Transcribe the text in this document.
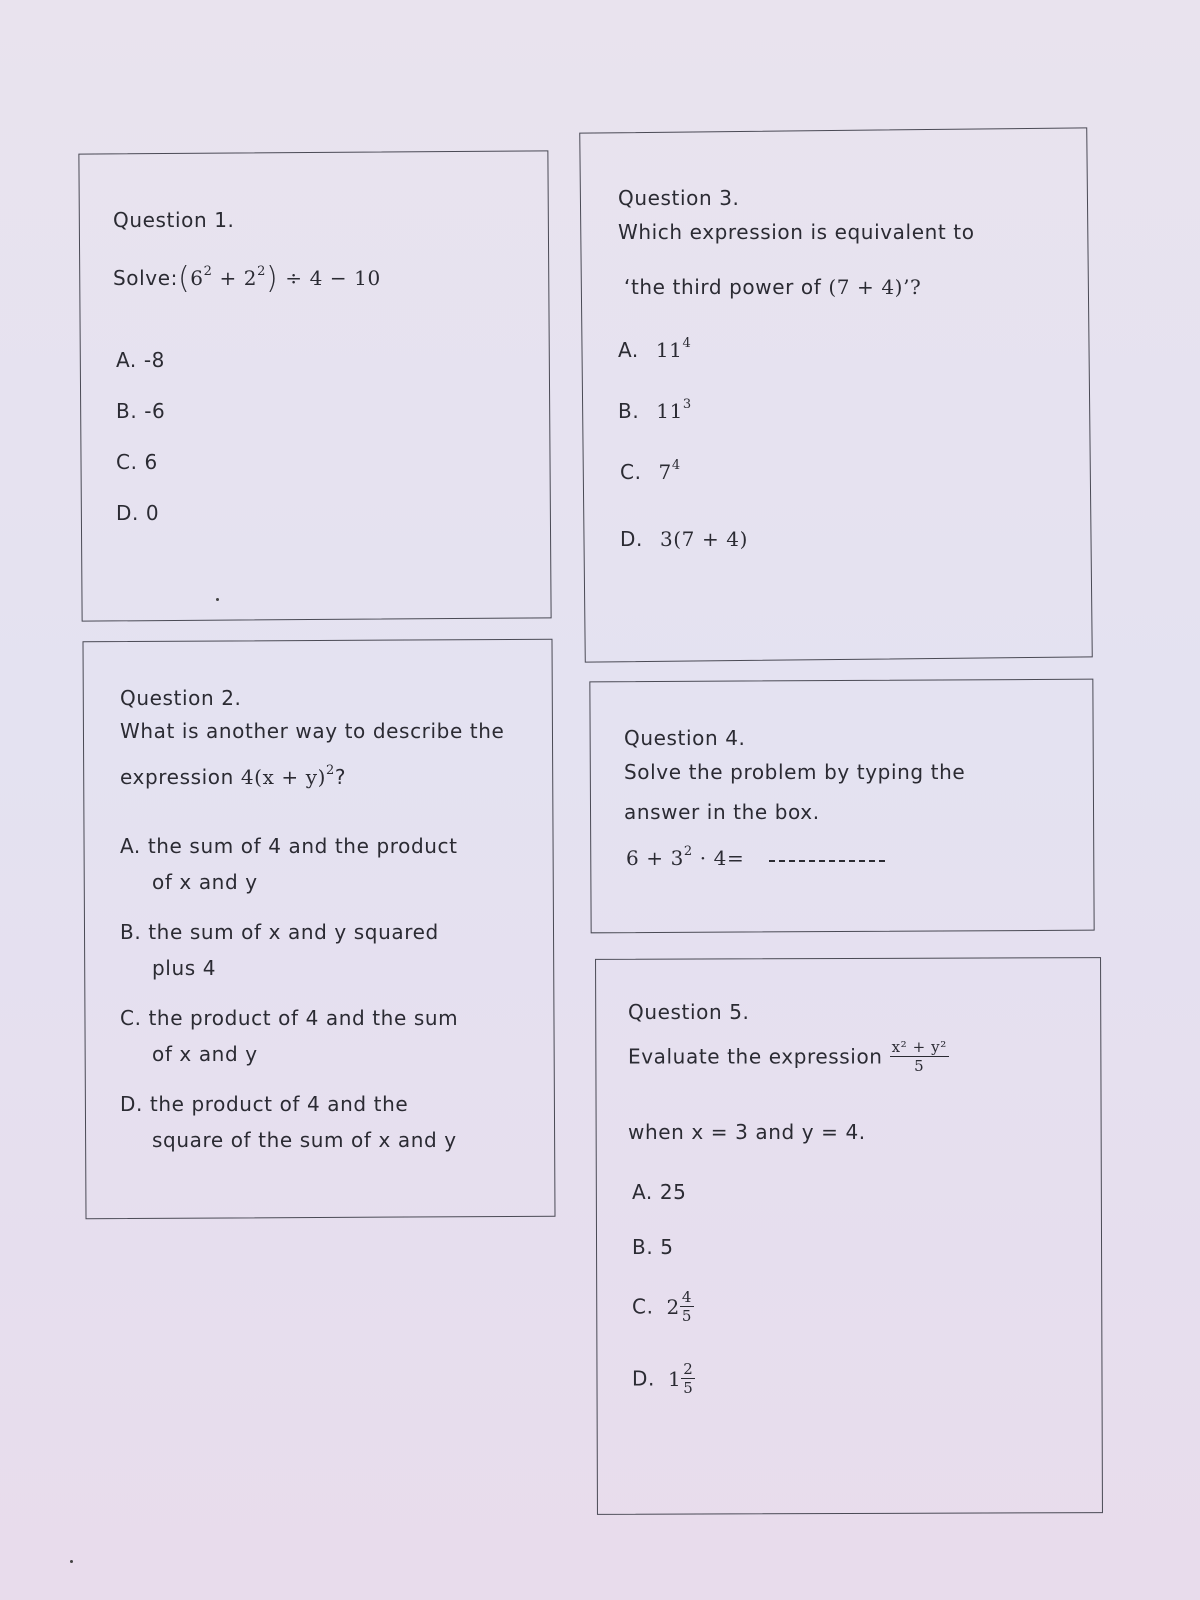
Question 1.
$Solve:(6^2 + 2^2) \div 4 - 10$
A. -8
B. -6
C. 6
D. 0
Question 2.
What is another way to describe the
expression $4(x + y)^2$?
A. the sum of 4 and the product
of x and y
B. the sum of x and y squared
plus 4
C. the product of 4 and the sum
of x and y
D. the product of 4 and the
square of the sum of x and y
Question 3.
Which expression is equivalent to
‘the third power of (7 + 4)’?
A. $11^4$
B. $11^3$
C. $7^4$
D. 3(7 + 4)
Question 4.
Solve the problem by typing the
answer in the box.
$6 + 3^2 \cdot 4=$
Question 5.
Evaluate the expression $\frac{\text{x² + y²}}{5}$
when x = 3 and y = 4.
A. 25
B. 5
C. $2 \frac{4}{5}$
D. $1 \frac{2}{5}$
